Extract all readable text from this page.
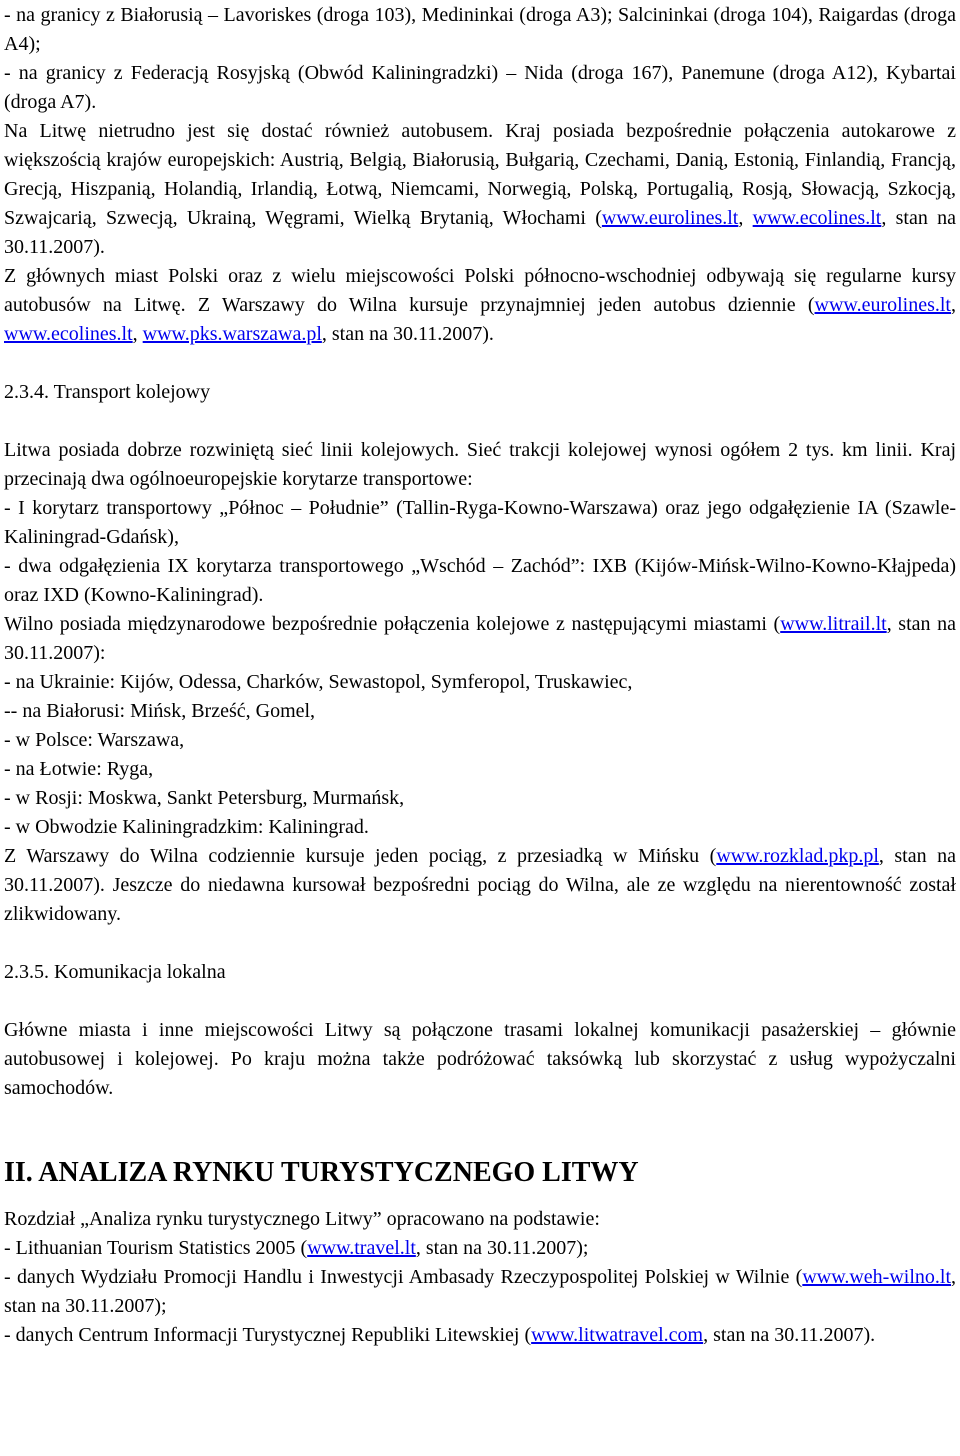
- na granicy z Białorusią – Lavoriskes (droga 103), Medininkai (droga A3); Salcininkai (droga 104), Raigardas (droga A4);

- na granicy z Federacją Rosyjską (Obwód Kaliningradzki) – Nida (droga 167), Panemune (droga A12), Kybartai (droga A7).

Na Litwę nietrudno jest się dostać również autobusem. Kraj posiada bezpośrednie połączenia autokarowe z większością krajów europejskich: Austrią, Belgią, Białorusią, Bułgarią, Czechami, Danią, Estonią, Finlandią, Francją, Grecją, Hiszpanią, Holandią, Irlandią, Łotwą, Niemcami, Norwegią, Polską, Portugalią, Rosją, Słowacją, Szkocją, Szwajcarią, Szwecją, Ukrainą, Węgrami, Wielką Brytanią, Włochami (www.eurolines.lt, www.ecolines.lt, stan na 30.11.2007).

Z głównych miast Polski oraz z wielu miejscowości Polski północno-wschodniej odbywają się regularne kursy autobusów na Litwę. Z Warszawy do Wilna kursuje przynajmniej jeden autobus dziennie (www.eurolines.lt, www.ecolines.lt, www.pks.warszawa.pl, stan na 30.11.2007).

2.3.4. Transport kolejowy

Litwa posiada dobrze rozwiniętą sieć linii kolejowych. Sieć trakcji kolejowej wynosi ogółem 2 tys. km linii. Kraj przecinają dwa ogólnoeuropejskie korytarze transportowe:

- I korytarz transportowy „Północ – Południe” (Tallin-Ryga-Kowno-Warszawa) oraz jego odgałęzienie IA (Szawle-Kaliningrad-Gdańsk),

- dwa odgałęzienia IX korytarza transportowego „Wschód – Zachód”: IXB (Kijów-Mińsk-Wilno-Kowno-Kłajpeda) oraz IXD (Kowno-Kaliningrad).

Wilno posiada międzynarodowe bezpośrednie połączenia kolejowe z następującymi miastami (www.litrail.lt, stan na 30.11.2007):

- na Ukrainie: Kijów, Odessa, Charków, Sewastopol, Symferopol, Truskawiec,

-- na Białorusi: Mińsk, Brześć, Gomel,

- w Polsce: Warszawa,

- na Łotwie: Ryga,

- w Rosji: Moskwa, Sankt Petersburg, Murmańsk,

- w Obwodzie Kaliningradzkim: Kaliningrad.

Z Warszawy do Wilna codziennie kursuje jeden pociąg, z przesiadką w Mińsku (www.rozklad.pkp.pl, stan na 30.11.2007). Jeszcze do niedawna kursował bezpośredni pociąg do Wilna, ale ze względu na nierentowność został zlikwidowany.

2.3.5. Komunikacja lokalna

Główne miasta i inne miejscowości Litwy są połączone trasami lokalnej komunikacji pasażerskiej – głównie autobusowej i kolejowej. Po kraju można także podróżować taksówką lub skorzystać z usług wypożyczalni samochodów.

II. ANALIZA RYNKU TURYSTYCZNEGO LITWY

Rozdział „Analiza rynku turystycznego Litwy” opracowano na podstawie:

- Lithuanian Tourism Statistics 2005 (www.travel.lt, stan na 30.11.2007);

- danych Wydziału Promocji Handlu i Inwestycji Ambasady Rzeczypospolitej Polskiej w Wilnie (www.weh-wilno.lt, stan na 30.11.2007);

- danych Centrum Informacji Turystycznej Republiki Litewskiej (www.litwatravel.com, stan na 30.11.2007).
